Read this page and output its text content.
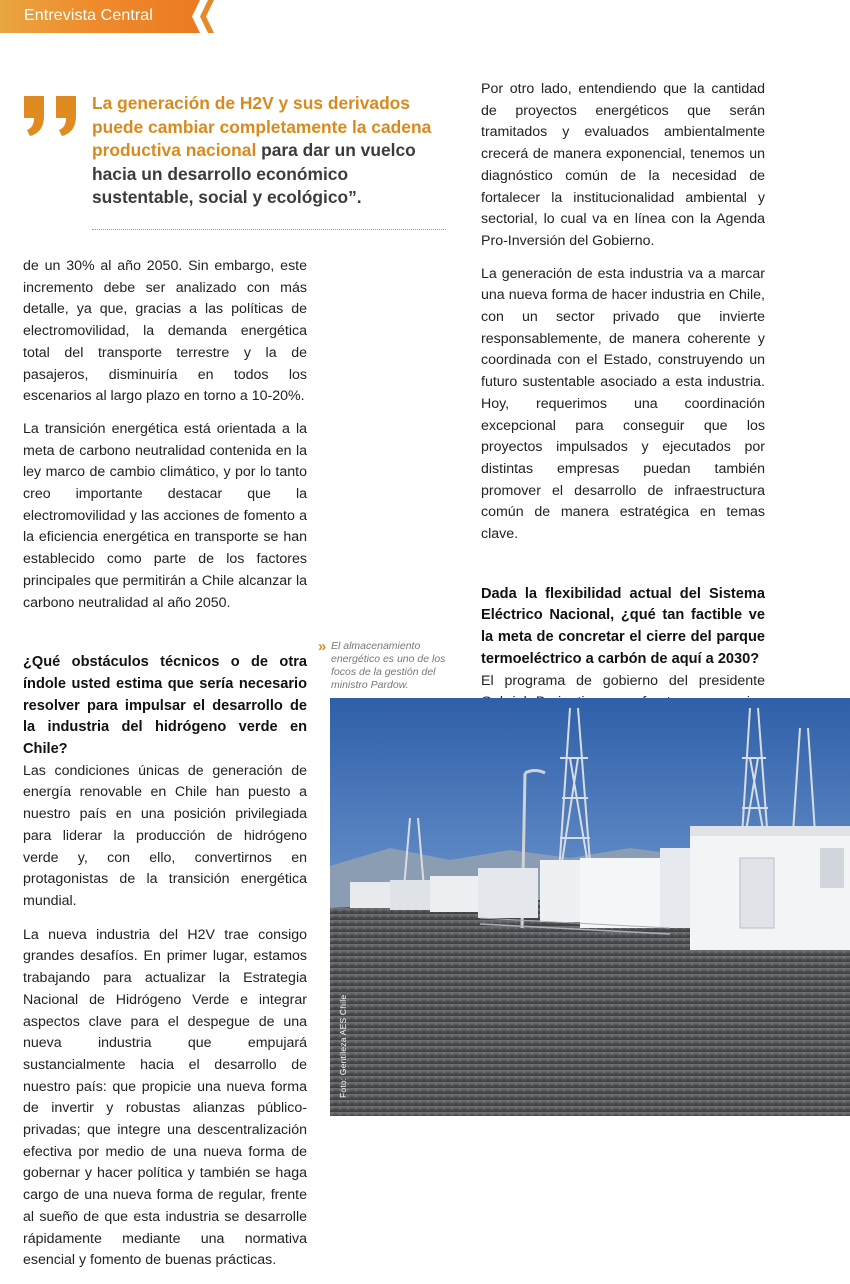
Entrevista Central
La generación de H2V y sus derivados puede cambiar completamente la cadena productiva nacional para dar un vuelco hacia un desarrollo económico sustentable, social y ecológico”.

de un 30% al año 2050. Sin embargo, este incremento debe ser analizado con más detalle, ya que, gracias a las políticas de electromovilidad, la demanda energética total del transporte terrestre y la de pasajeros, disminuiría en todos los escenarios al largo plazo en torno a 10-20%.

La transición energética está orientada a la meta de carbono neutralidad contenida en la ley marco de cambio climático, y por lo tanto creo importante destacar que la electromovilidad y las acciones de fomento a la eficiencia energética en transporte se han establecido como parte de los factores principales que permitirán a Chile alcanzar la carbono neutralidad al año 2050.

¿Qué obstáculos técnicos o de otra índole usted estima que sería necesario resolver para impulsar el desarrollo de la industria del hidrógeno verde en Chile?

Las condiciones únicas de generación de energía renovable en Chile han puesto a nuestro país en una posición privilegiada para liderar la producción de hidrógeno verde y, con ello, convertirnos en protagonistas de la transición energética mundial.

La nueva industria del H2V trae consigo grandes desafíos. En primer lugar, estamos trabajando para actualizar la Estrategia Nacional de Hidrógeno Verde e integrar aspectos clave para el despegue de una nueva industria que empujará sustancialmente hacia el desarrollo de nuestro país: que propicie una nueva forma de invertir y robustas alianzas público-privadas; que integre una descentralización efectiva por medio de una nueva forma de gobernar y hacer política y también se haga cargo de una nueva forma de regular, frente al sueño de que esta industria se desarrolle rápidamente mediante una normativa esencial y fomento de buenas prácticas.

Por otro lado, entendiendo que la cantidad de proyectos energéticos que serán tramitados y evaluados ambientalmente crecerá de manera exponencial, tenemos un diagnóstico común de la necesidad de fortalecer la institucionalidad ambiental y sectorial, lo cual va en línea con la Agenda Pro-Inversión del Gobierno.

La generación de esta industria va a marcar una nueva forma de hacer industria en Chile, con un sector privado que invierte responsablemente, de manera coherente y coordinada con el Estado, construyendo un futuro sustentable asociado a esta industria. Hoy, requerimos una coordinación excepcional para conseguir que los proyectos impulsados y ejecutados por distintas empresas puedan también promover el desarrollo de infraestructura común de manera estratégica en temas clave.

Dada la flexibilidad actual del Sistema Eléctrico Nacional, ¿qué tan factible ve la meta de concretar el cierre del parque termoeléctrico a carbón de aquí a 2030?

El programa de gobierno del presidente

» El almacenamiento energético es uno de los focos de la gestión del ministro Pardow.
Foto: Gentileza AES Chile
